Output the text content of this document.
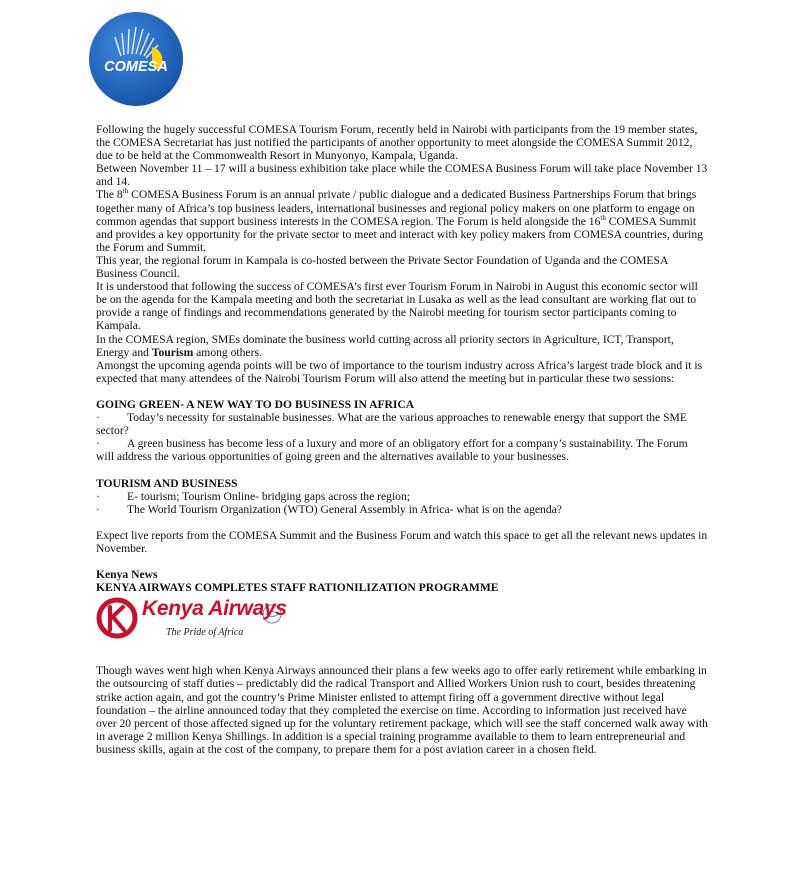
COMESA

Following the hugely successful COMESA Tourism Forum, recently held in Nairobi with participants from the 19 member states, the COMESA Secretariat has just notified the participants of another opportunity to meet alongside the COMESA Summit 2012, due to be held at the Commonwealth Resort in Munyonyo, Kampala, Uganda.

Between November 11 – 17 will a business exhibition take place while the COMESA Business Forum will take place November 13 and 14.

The 8th COMESA Business Forum is an annual private / public dialogue and a dedicated Business Partnerships Forum that brings together many of Africa’s top business leaders, international businesses and regional policy makers on one platform to engage on common agendas that support business interests in the COMESA region. The Forum is held alongside the 16th COMESA Summit and provides a key opportunity for the private sector to meet and interact with key policy makers from COMESA countries, during the Forum and Summit.

This year, the regional forum in Kampala is co-hosted between the Private Sector Foundation of Uganda and the COMESA Business Council.

It is understood that following the success of COMESA’s first ever Tourism Forum in Nairobi in August this economic sector will be on the agenda for the Kampala meeting and both the secretariat in Lusaka as well as the lead consultant are working flat out to provide a range of findings and recommendations generated by the Nairobi meeting for tourism sector participants coming to Kampala.

In the COMESA region, SMEs dominate the business world cutting across all priority sectors in Agriculture, ICT, Transport, Energy and Tourism among others.

Amongst the upcoming agenda points will be two of importance to the tourism industry across Africa’s largest trade block and it is expected that many attendees of the Nairobi Tourism Forum will also attend the meeting but in particular these two sessions:

GOING GREEN- A NEW WAY TO DO BUSINESS IN AFRICA

· Today’s necessity for sustainable businesses. What are the various approaches to renewable energy that support the SME sector?

· A green business has become less of a luxury and more of an obligatory effort for a company’s sustainability. The Forum will address the various opportunities of going green and the alternatives available to your businesses.

TOURISM AND BUSINESS

·	E- tourism; Tourism Online- bridging gaps across the region;

·	The World Tourism Organization (WTO) General Assembly in Africa- what is on the agenda?

Expect live reports from the COMESA Summit and the Business Forum and watch this space to get all the relevant news updates in November.

Kenya News

KENYA AIRWAYS COMPLETES STAFF RATIONILIZATION PROGRAMME

Kenya Airways
The Pride of Africa

Though waves went high when Kenya Airways announced their plans a few weeks ago to offer early retirement while embarking in the outsourcing of staff duties – predictably did the radical Transport and Allied Workers Union rush to court, besides threatening strike action again, and got the country’s Prime Minister enlisted to attempt firing off a government directive without legal foundation – the airline announced today that they completed the exercise on time. According to information just received have over 20 percent of those affected signed up for the voluntary retirement package, which will see the staff concerned walk away with in average 2 million Kenya Shillings. In addition is a special training programme available to them to learn entrepreneurial and business skills, again at the cost of the company, to prepare them for a post aviation career in a chosen field.
